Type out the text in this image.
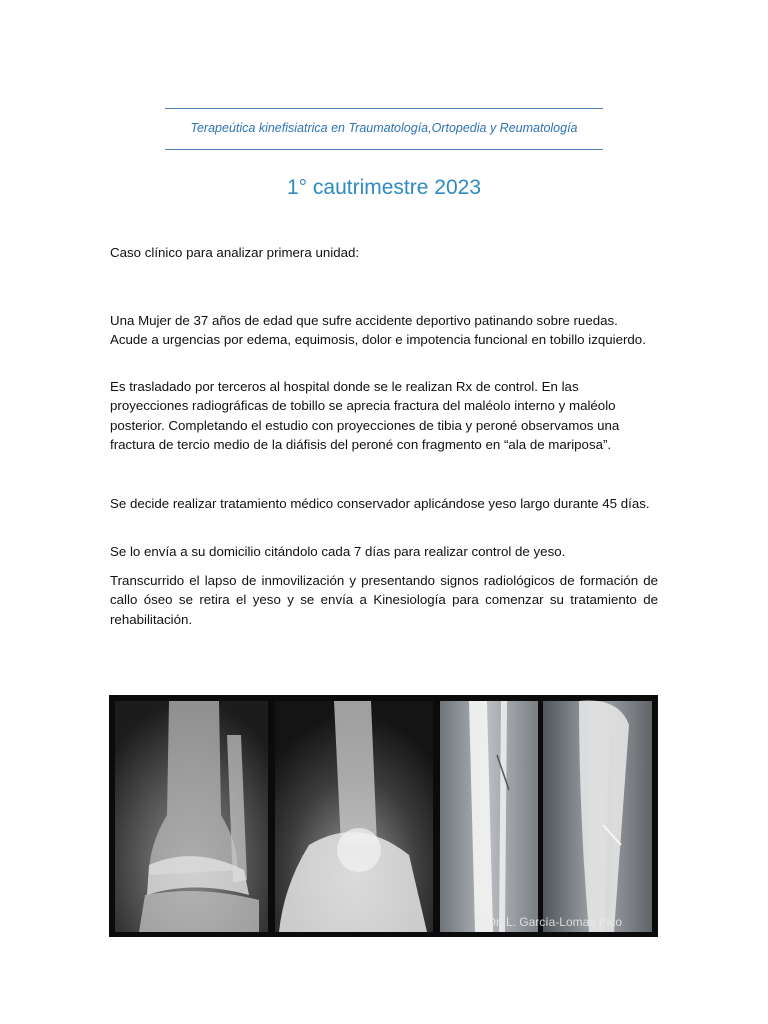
Terapeútica kinefisiatrica en Traumatología,Ortopedia y Reumatología
1° cautrimestre 2023
Caso clínico para analizar primera unidad:
Una Mujer de 37 años de edad que sufre accidente deportivo patinando sobre ruedas. Acude a urgencias por edema, equimosis, dolor e impotencia funcional en tobillo izquierdo.
Es trasladado por terceros al hospital donde se le realizan Rx de control. En las proyecciones radiográficas de tobillo se aprecia fractura del maléolo interno y maléolo posterior. Completando el estudio con proyecciones de tibia y peroné observamos una fractura de tercio medio de la diáfisis del peroné con fragmento en “ala de mariposa”.
Se decide realizar tratamiento médico conservador aplicándose yeso largo durante 45 días.
Se lo envía a su domicilio citándolo cada 7 días para realizar control de yeso.
Transcurrido el lapso de inmovilización y presentando signos radiológicos de formación de callo óseo se retira el yeso y se envía a Kinesiología para comenzar su tratamiento de rehabilitación.
© Dr. L. García-Lomas Pico
